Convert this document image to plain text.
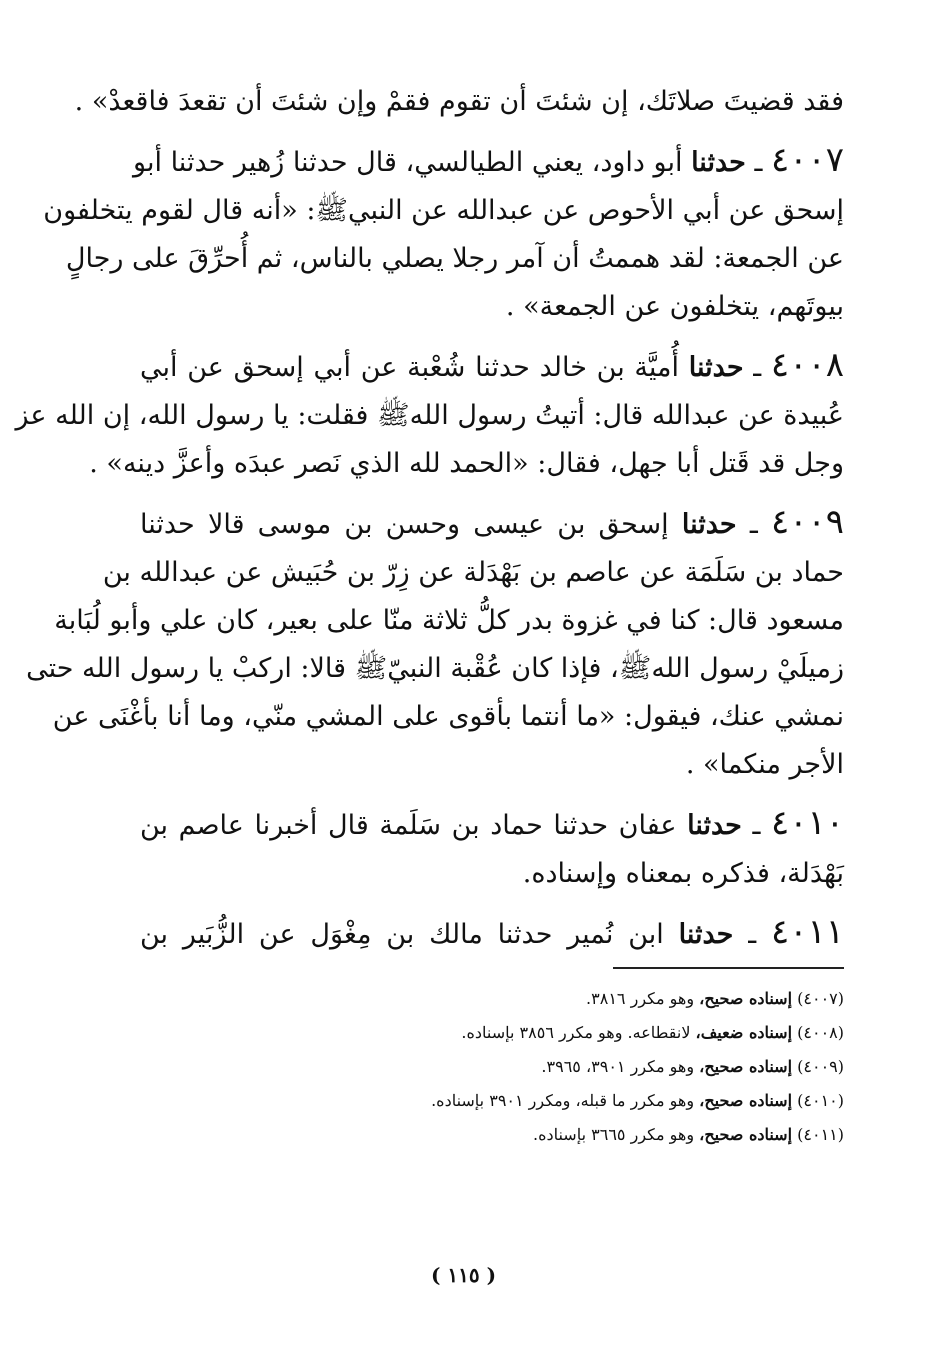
فقد قضيتَ صلاتَك، إن شئتَ أن تقوم فقمْ وإن شئتَ أن تقعدَ فاقعدْ» .
٤٠٠٧ ـ حدثنا أبو داود، يعني الطيالسي، قال حدثنا زُهير حدثنا أبو
إسحق عن أبي الأحوص عن عبدالله عن النبيﷺ: «أنه قال لقوم يتخلفون
عن الجمعة: لقد هممتُ أن آمر رجلا يصلي بالناس، ثم أُحرِّقَ على رجالٍ
بيوتَهم، يتخلفون عن الجمعة» .
٤٠٠٨ ـ حدثنا أُميَّة بن خالد حدثنا شُعْبة عن أبي إسحق عن أبي
عُبيدة عن عبدالله قال: أتيتُ رسول اللهﷺ فقلت: يا رسول الله، إن الله عز
وجل قد قَتل أبا جهل، فقال: «الحمد لله الذي نَصر عبدَه وأعزَّ دينه» .
٤٠٠٩ ـ حدثنا إسحق بن عيسى وحسن بن موسى قالا حدثنا
حماد بن سَلَمَة عن عاصم بن بَهْدَلة عن زِرّ بن حُبَيش عن عبدالله بن
مسعود قال: كنا في غزوة بدر كلُّ ثلاثة منّا على بعير، كان علي وأبو لُبَابة
زميلَيْ رسول اللهﷺ، فإذا كان عُقْبة النبيّﷺ قالا: اركبْ يا رسول الله حتى
نمشي عنك، فيقول: «ما أنتما بأقوى على المشي منّي، وما أنا بأغْنَى عن
الأجر منكما» .
٤٠١٠ ـ حدثنا عفان حدثنا حماد بن سَلَمة قال أخبرنا عاصم بن
بَهْدَلة، فذكره بمعناه وإسناده.
٤٠١١ ـ حدثنا ابن نُمير حدثنا مالك بن مِغْوَل عن الزُّبَير بن
(٤٠٠٧) إسناده صحيح، وهو مكرر ٣٨١٦.
(٤٠٠٨) إسناده ضعيف، لانقطاعه. وهو مكرر ٣٨٥٦ بإسناده.
(٤٠٠٩) إسناده صحيح، وهو مكرر ٣٩٠١، ٣٩٦٥.
(٤٠١٠) إسناده صحيح، وهو مكرر ما قبله، ومكرر ٣٩٠١ بإسناده.
(٤٠١١) إسناده صحيح، وهو مكرر ٣٦٦٥ بإسناده.
( ١١٥ )
